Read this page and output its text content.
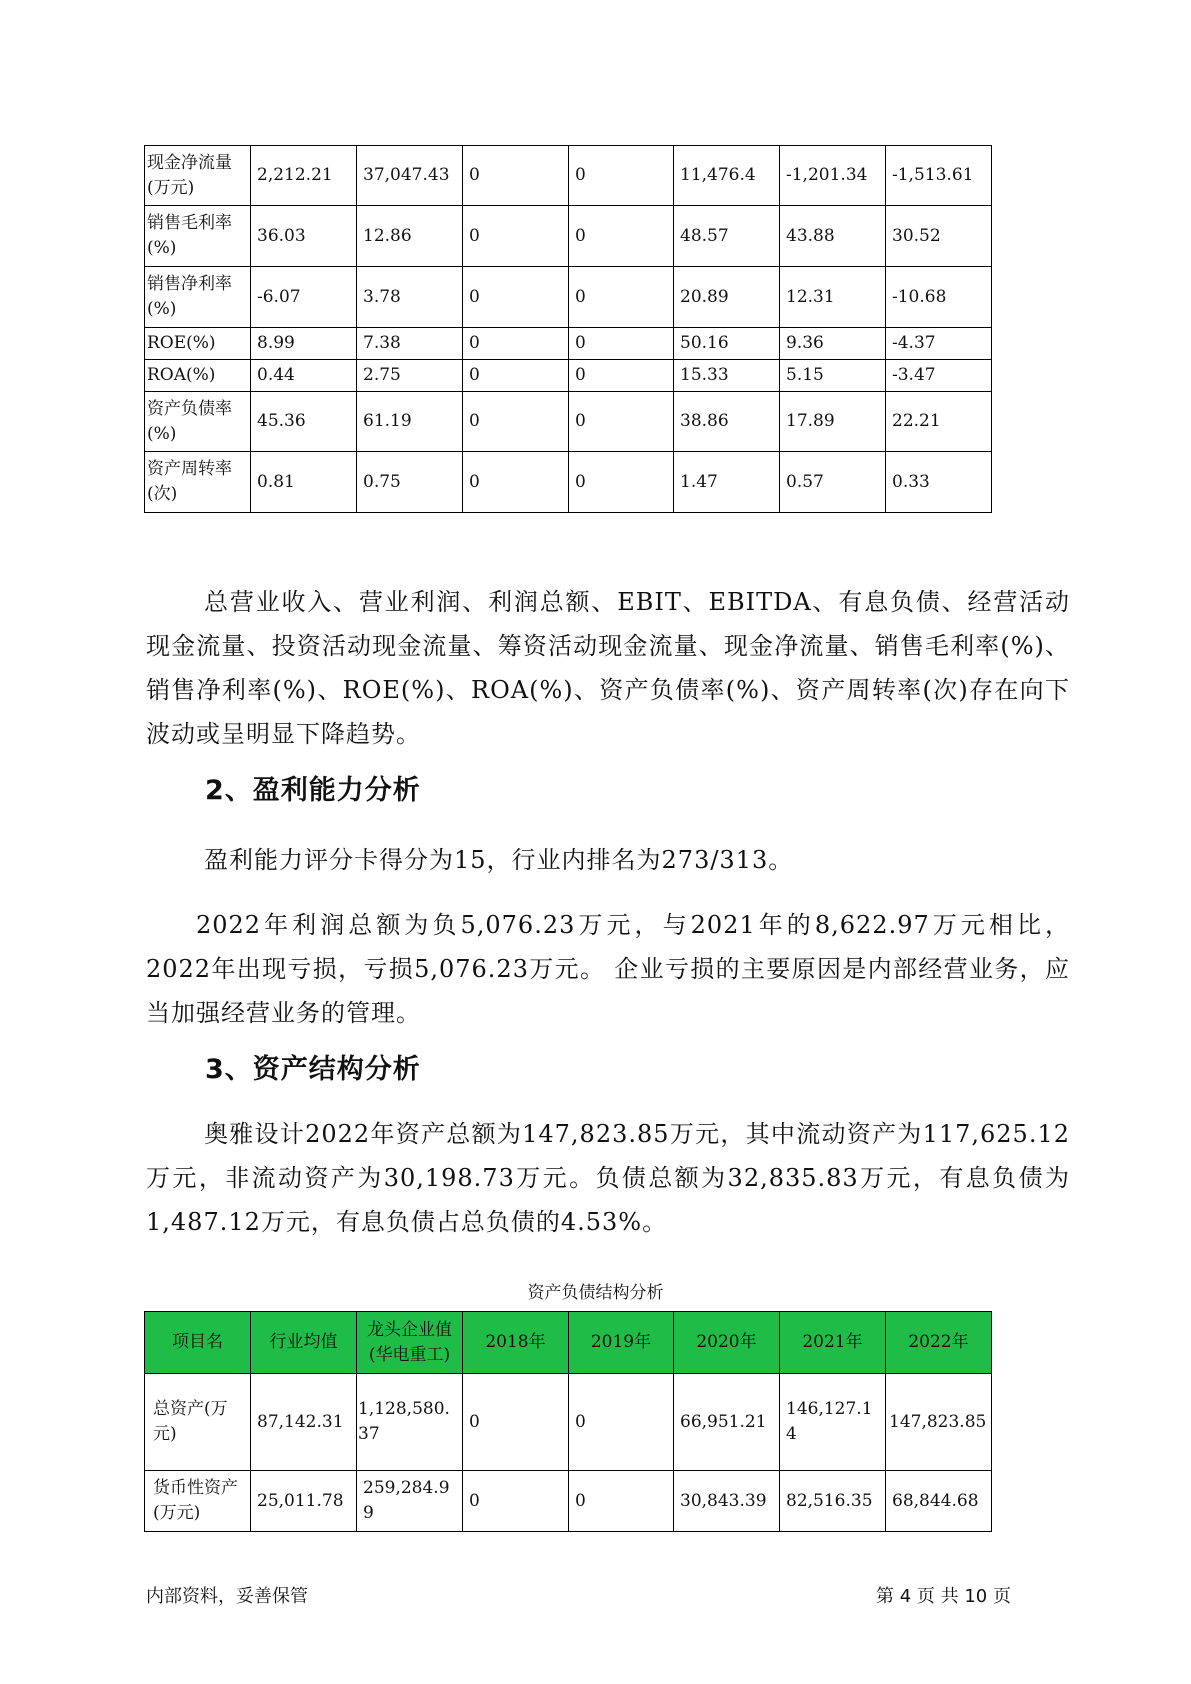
现金净流量(万元)	2,212.21	37,047.43	0	0	11,476.4	-1,201.34	-1,513.61
销售毛利率(%)	36.03	12.86	0	0	48.57	43.88	30.52
销售净利率(%)	-6.07	3.78	0	0	20.89	12.31	-10.68
ROE(%)	8.99	7.38	0	0	50.16	9.36	-4.37
ROA(%)	0.44	2.75	0	0	15.33	5.15	-3.47
资产负债率(%)	45.36	61.19	0	0	38.86	17.89	22.21
资产周转率(次)	0.81	0.75	0	0	1.47	0.57	0.33

总营业收入、营业利润、利润总额、EBIT、EBITDA、有息负债、经营活动现金流量、投资活动现金流量、筹资活动现金流量、现金净流量、销售毛利率(%)、销售净利率(%)、ROE(%)、ROA(%)、资产负债率(%)、资产周转率(次)存在向下波动或呈明显下降趋势。

2、盈利能力分析

盈利能力评分卡得分为15，行业内排名为273/313。

2022年利润总额为负5,076.23万元，与2021年的8,622.97万元相比，2022年出现亏损，亏损5,076.23万元。 企业亏损的主要原因是内部经营业务，应当加强经营业务的管理。

3、资产结构分析

奥雅设计2022年资产总额为147,823.85万元，其中流动资产为117,625.12万元，非流动资产为30,198.73万元。负债总额为32,835.83万元，有息负债为1,487.12万元，有息负债占总负债的4.53%。

资产负债结构分析
项目名	行业均值	龙头企业值(华电重工)	2018年	2019年	2020年	2021年	2022年
总资产(万元)	87,142.31	1,128,580.37	0	0	66,951.21	146,127.14	147,823.85
货币性资产(万元)	25,011.78	259,284.99	0	0	30,843.39	82,516.35	68,844.68
内部资料，妥善保管	第 4 页 共 10 页
